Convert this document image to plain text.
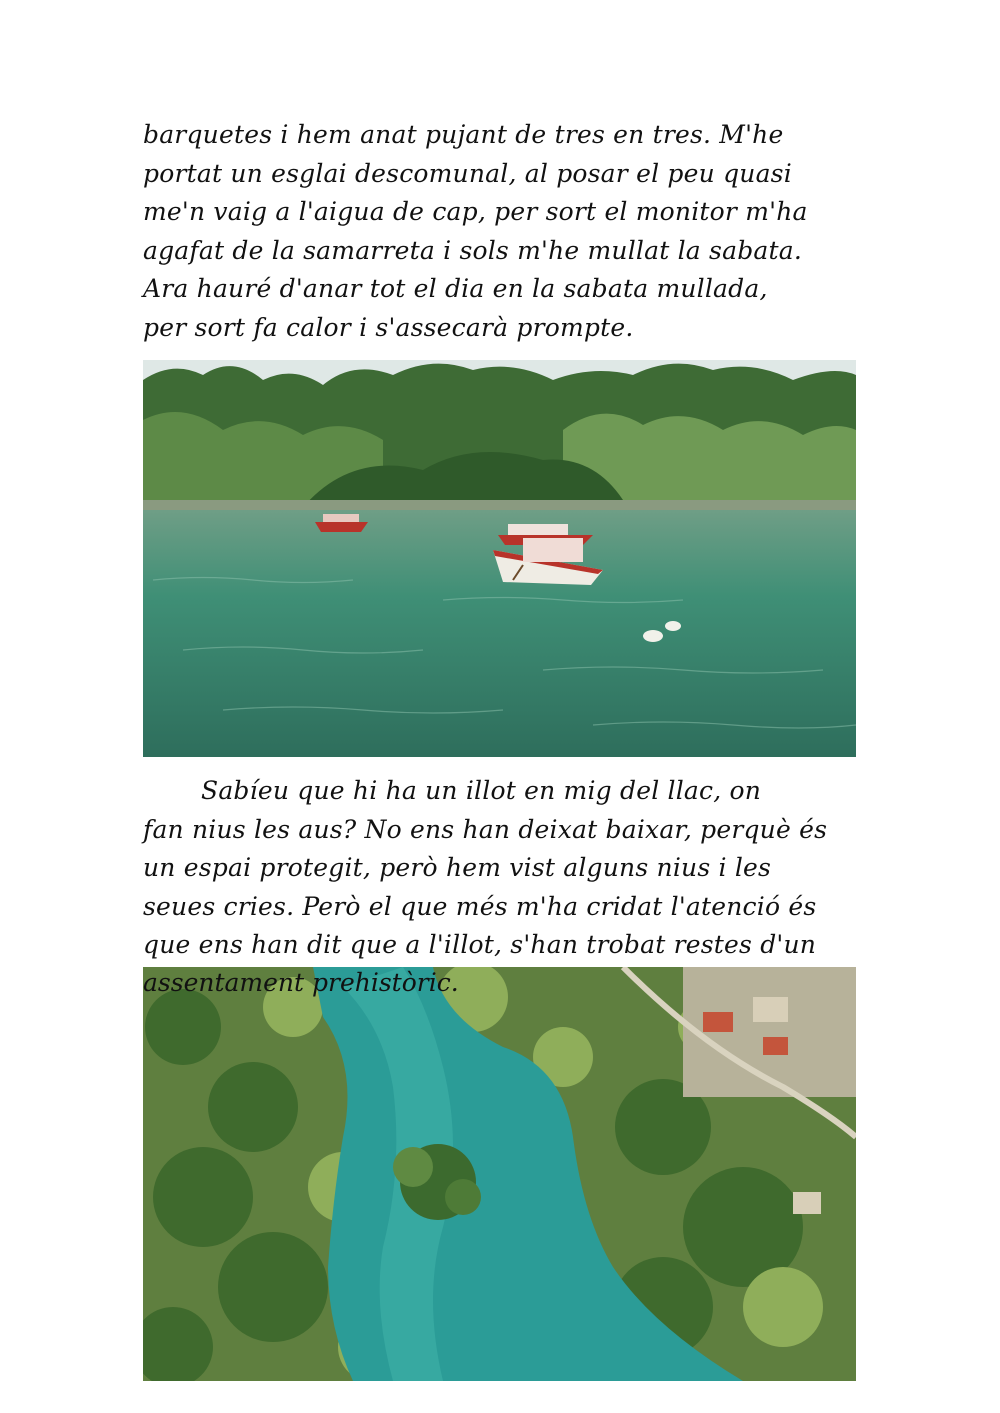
barquetes i hem anat pujant de tres en tres. M'he
portat un esglai descomunal, al posar el peu quasi
me'n vaig a l'aigua de cap, per sort el monitor m'ha
agafat de la samarreta i sols m'he mullat la sabata.
Ara hauré d'anar tot el dia en la sabata mullada,
per sort fa calor i s'assecarà prompte.
Sabíeu que hi ha un illot en mig del llac, on
fan nius les aus? No ens han deixat baixar, perquè és
un espai protegit, però hem vist alguns nius i les
seues cries. Però el que més m'ha cridat l'atenció és
que ens han dit que a l'illot, s'han trobat restes d'un
assentament prehistòric.
